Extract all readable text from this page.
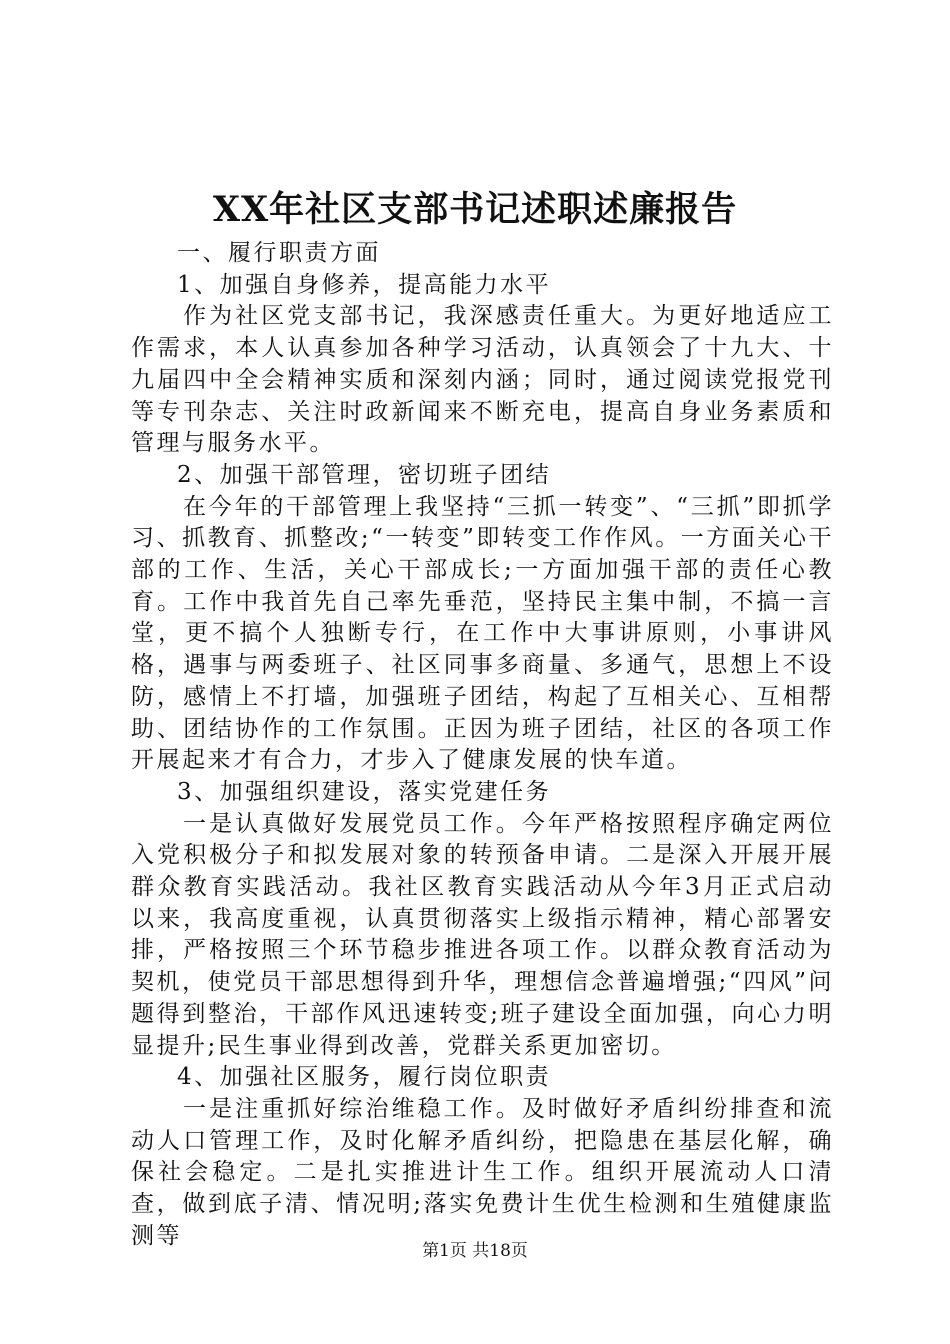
XX年社区支部书记述职述廉报告

一、履行职责方面

1、加强自身修养，提高能力水平

作为社区党支部书记，我深感责任重大。为更好地适应工作需求，本人认真参加各种学习活动，认真领会了十九大、十九届四中全会精神实质和深刻内涵；同时，通过阅读党报党刊等专刊杂志、关注时政新闻来不断充电，提高自身业务素质和管理与服务水平。

2、加强干部管理，密切班子团结

在今年的干部管理上我坚持“三抓一转变”、“三抓”即抓学习、抓教育、抓整改;“一转变”即转变工作作风。一方面关心干部的工作、生活，关心干部成长;一方面加强干部的责任心教育。工作中我首先自己率先垂范，坚持民主集中制，不搞一言堂，更不搞个人独断专行，在工作中大事讲原则，小事讲风格，遇事与两委班子、社区同事多商量、多通气，思想上不设防，感情上不打墙，加强班子团结，构起了互相关心、互相帮助、团结协作的工作氛围。正因为班子团结，社区的各项工作开展起来才有合力，才步入了健康发展的快车道。

3、加强组织建设，落实党建任务

一是认真做好发展党员工作。今年严格按照程序确定两位入党积极分子和拟发展对象的转预备申请。二是深入开展开展群众教育实践活动。我社区教育实践活动从今年3月正式启动以来，我高度重视，认真贯彻落实上级指示精神，精心部署安排，严格按照三个环节稳步推进各项工作。以群众教育活动为契机，使党员干部思想得到升华，理想信念普遍增强;“四风”问题得到整治，干部作风迅速转变;班子建设全面加强，向心力明显提升;民生事业得到改善，党群关系更加密切。

4、加强社区服务，履行岗位职责

一是注重抓好综治维稳工作。及时做好矛盾纠纷排查和流动人口管理工作，及时化解矛盾纠纷，把隐患在基层化解，确保社会稳定。二是扎实推进计生工作。组织开展流动人口清查，做到底子清、情况明;落实免费计生优生检测和生殖健康监测等

第1页 共18页
